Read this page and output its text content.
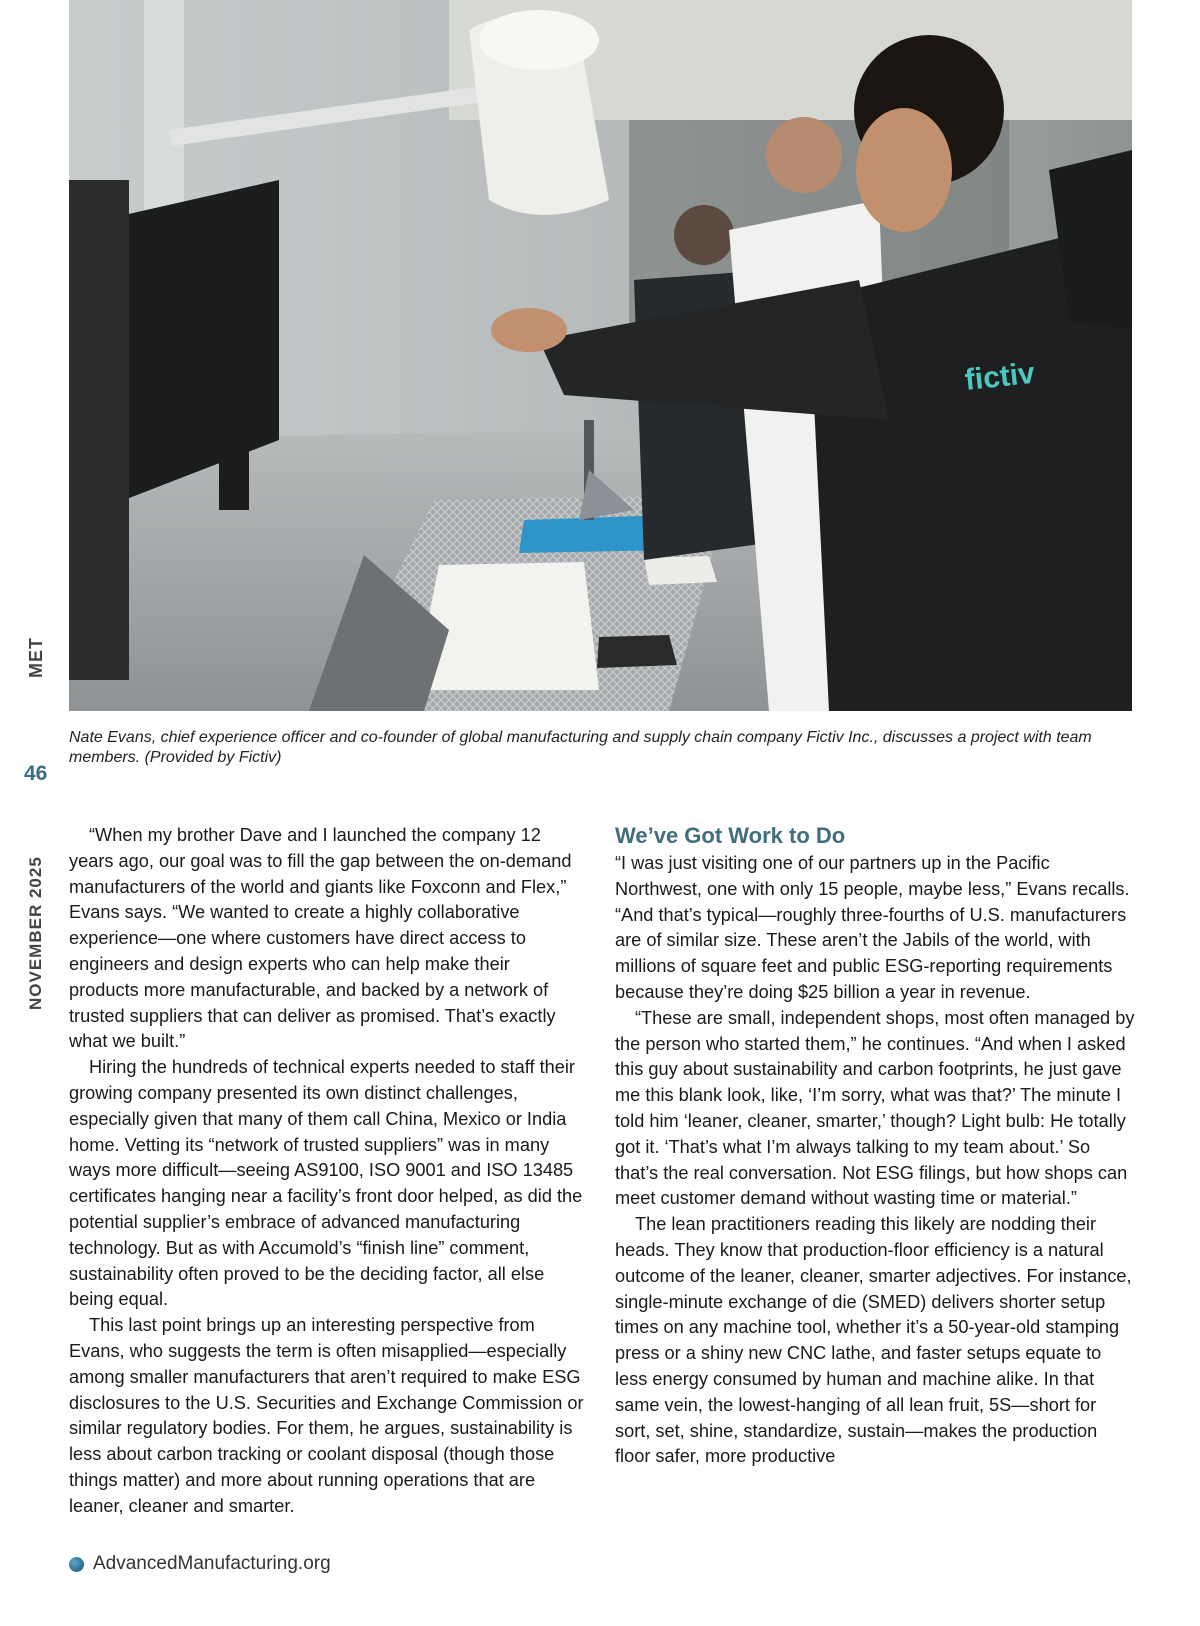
MET
46
NOVEMBER 2025
fictiv

Nate Evans, chief experience officer and co-founder of global manufacturing and supply chain company Fictiv Inc., discusses a project with team members. (Provided by Fictiv)

“When my brother Dave and I launched the company 12 years ago, our goal was to fill the gap between the on-demand manufacturers of the world and giants like Foxconn and Flex,” Evans says. “We wanted to create a highly collaborative experience—one where customers have direct access to engineers and design experts who can help make their products more manufacturable, and backed by a network of trusted suppliers that can deliver as promised. That’s exactly what we built.”

Hiring the hundreds of technical experts needed to staff their growing company presented its own distinct challenges, especially given that many of them call China, Mexico or India home. Vetting its “network of trusted suppliers” was in many ways more difficult—seeing AS9100, ISO 9001 and ISO 13485 certificates hanging near a facility’s front door helped, as did the potential supplier’s embrace of advanced manufacturing technology. But as with Accumold’s “finish line” comment, sustainability often proved to be the deciding factor, all else being equal.

This last point brings up an interesting perspective from Evans, who suggests the term is often misapplied—especially among smaller manufacturers that aren’t required to make ESG disclosures to the U.S. Securities and Exchange Commission or similar regulatory bodies. For them, he argues, sustainability is less about carbon tracking or coolant disposal (though those things matter) and more about running operations that are leaner, cleaner and smarter.

We’ve Got Work to Do

“I was just visiting one of our partners up in the Pacific Northwest, one with only 15 people, maybe less,” Evans recalls. “And that’s typical—roughly three-fourths of U.S. manufacturers are of similar size. These aren’t the Jabils of the world, with millions of square feet and public ESG-reporting requirements because they’re doing $25 billion a year in revenue.

“These are small, independent shops, most often managed by the person who started them,” he continues. “And when I asked this guy about sustainability and carbon footprints, he just gave me this blank look, like, ‘I’m sorry, what was that?’ The minute I told him ‘leaner, cleaner, smarter,’ though? Light bulb: He totally got it. ‘That’s what I’m always talking to my team about.’ So that’s the real conversation. Not ESG filings, but how shops can meet customer demand without wasting time or material.”

The lean practitioners reading this likely are nodding their heads. They know that production-floor efficiency is a natural outcome of the leaner, cleaner, smarter adjectives. For instance, single-minute exchange of die (SMED) delivers shorter setup times on any machine tool, whether it’s a 50-year-old stamping press or a shiny new CNC lathe, and faster setups equate to less energy consumed by human and machine alike. In that same vein, the lowest-hanging of all lean fruit, 5S—short for sort, set, shine, standardize, sustain—makes the production floor safer, more productive

AdvancedManufacturing.org
